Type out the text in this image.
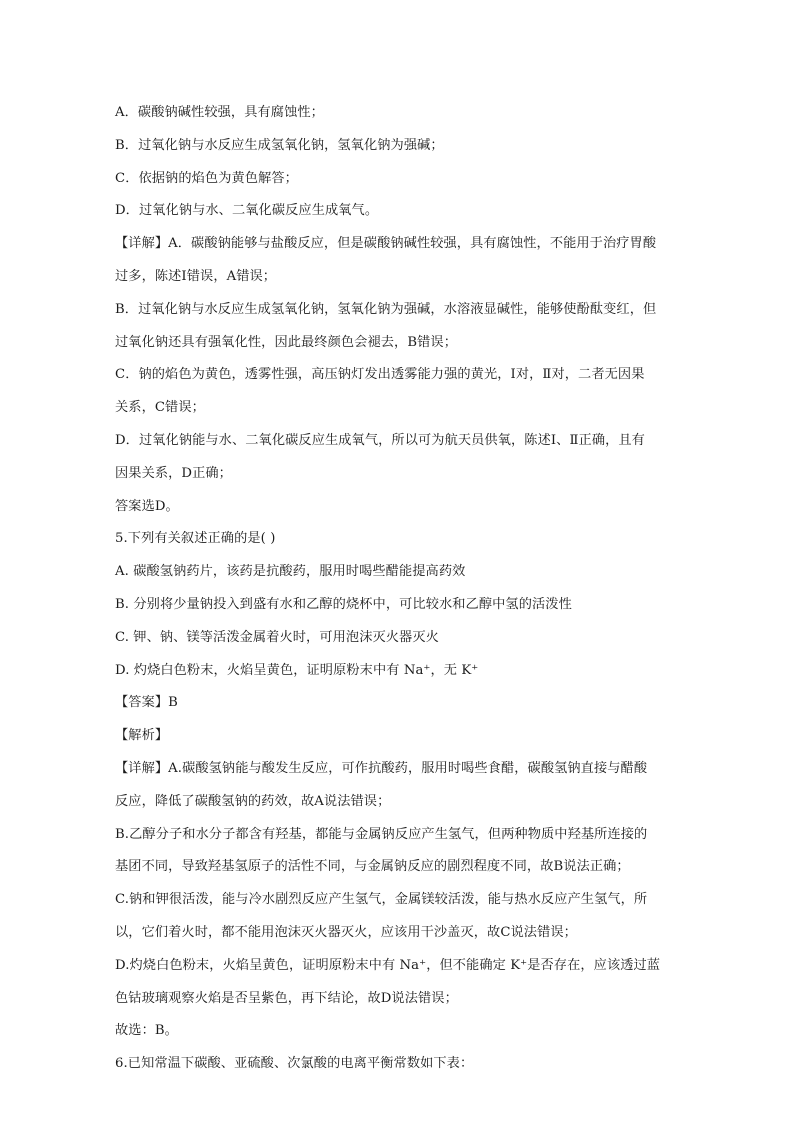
A．碳酸钠碱性较强，具有腐蚀性；

B．过氧化钠与水反应生成氢氧化钠，氢氧化钠为强碱；

C．依据钠的焰色为黄色解答；

D．过氧化钠与水、二氧化碳反应生成氧气。

【详解】A．碳酸钠能够与盐酸反应，但是碳酸钠碱性较强，具有腐蚀性，不能用于治疗胃酸

过多，陈述Ⅰ错误，A错误；

B．过氧化钠与水反应生成氢氧化钠，氢氧化钠为强碱，水溶液显碱性，能够使酚酞变红，但

过氧化钠还具有强氧化性，因此最终颜色会褪去，B错误；

C．钠的焰色为黄色，透雾性强，高压钠灯发出透雾能力强的黄光，Ⅰ对，Ⅱ对，二者无因果

关系，C错误；

D．过氧化钠能与水、二氧化碳反应生成氧气，所以可为航天员供氧，陈述Ⅰ、Ⅱ正确，且有

因果关系，D正确；

答案选D。

5.下列有关叙述正确的是( )

A. 碳酸氢钠药片，该药是抗酸药，服用时喝些醋能提高药效

B. 分别将少量钠投入到盛有水和乙醇的烧杯中，可比较水和乙醇中氢的活泼性

C. 钾、钠、镁等活泼金属着火时，可用泡沫灭火器灭火

D. 灼烧白色粉末，火焰呈黄色，证明原粉末中有 Na⁺，无 K⁺

【答案】B

【解析】

【详解】A.碳酸氢钠能与酸发生反应，可作抗酸药，服用时喝些食醋，碳酸氢钠直接与醋酸

反应，降低了碳酸氢钠的药效，故A说法错误；

B.乙醇分子和水分子都含有羟基，都能与金属钠反应产生氢气，但两种物质中羟基所连接的

基团不同，导致羟基氢原子的活性不同，与金属钠反应的剧烈程度不同，故B说法正确；

C.钠和钾很活泼，能与冷水剧烈反应产生氢气，金属镁较活泼，能与热水反应产生氢气，所

以，它们着火时，都不能用泡沫灭火器灭火，应该用干沙盖灭，故C说法错误；

D.灼烧白色粉末，火焰呈黄色，证明原粉末中有 Na⁺，但不能确定 K⁺是否存在，应该透过蓝

色钴玻璃观察火焰是否呈紫色，再下结论，故D说法错误；

故选：B。

6.已知常温下碳酸、亚硫酸、次氯酸的电离平衡常数如下表：
